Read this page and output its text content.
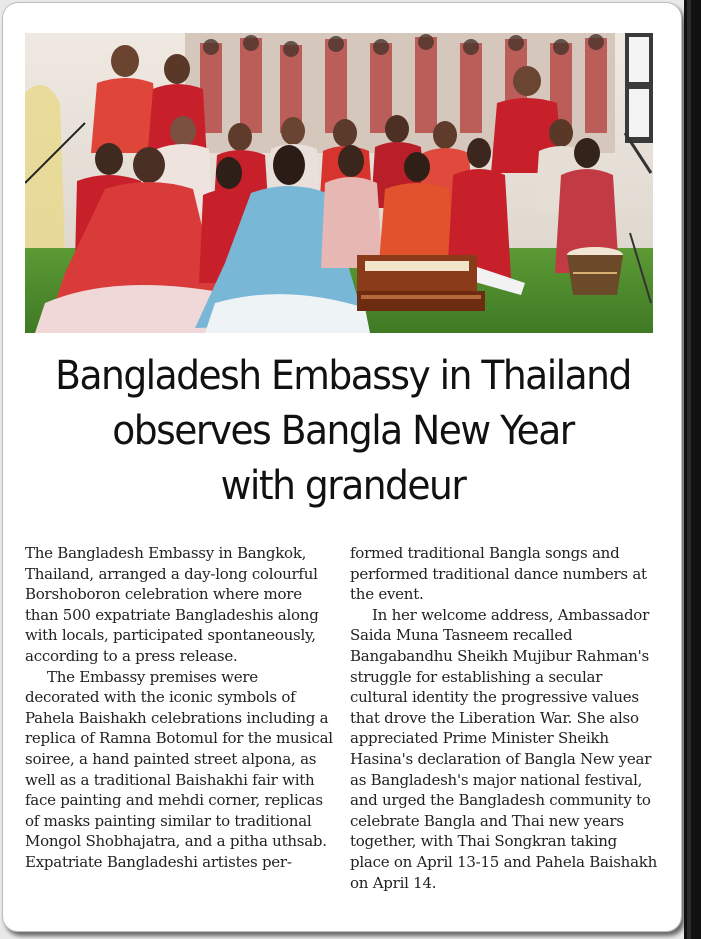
Bangladesh Embassy in Thailand
observes Bangla New Year
with grandeur

The Bangladesh Embassy in Bangkok, Thailand, arranged a day-long colourful Borshoboron celebration where more than 500 expatriate Bangladeshis along with locals, participated spontaneously, according to a press release.

The Embassy premises were decorated with the iconic symbols of Pahela Baishakh celebrations including a replica of Ramna Botomul for the musical soiree, a hand painted street alpona, as well as a traditional Baishakhi fair with face painting and mehdi corner, replicas of masks painting similar to traditional Mongol Shobhajatra, and a pitha uthsab. Expatriate Bangladeshi artistes per-

formed traditional Bangla songs and performed traditional dance numbers at the event.

In her welcome address, Ambassador Saida Muna Tasneem recalled Bangabandhu Sheikh Mujibur Rahman's struggle for establishing a secular cultural identity the progressive values that drove the Liberation War. She also appreciated Prime Minister Sheikh Hasina's declaration of Bangla New year as Bangladesh's major national festival, and urged the Bangladesh community to celebrate Bangla and Thai new years together, with Thai Songkran taking place on April 13-15 and Pahela Baishakh on April 14.
